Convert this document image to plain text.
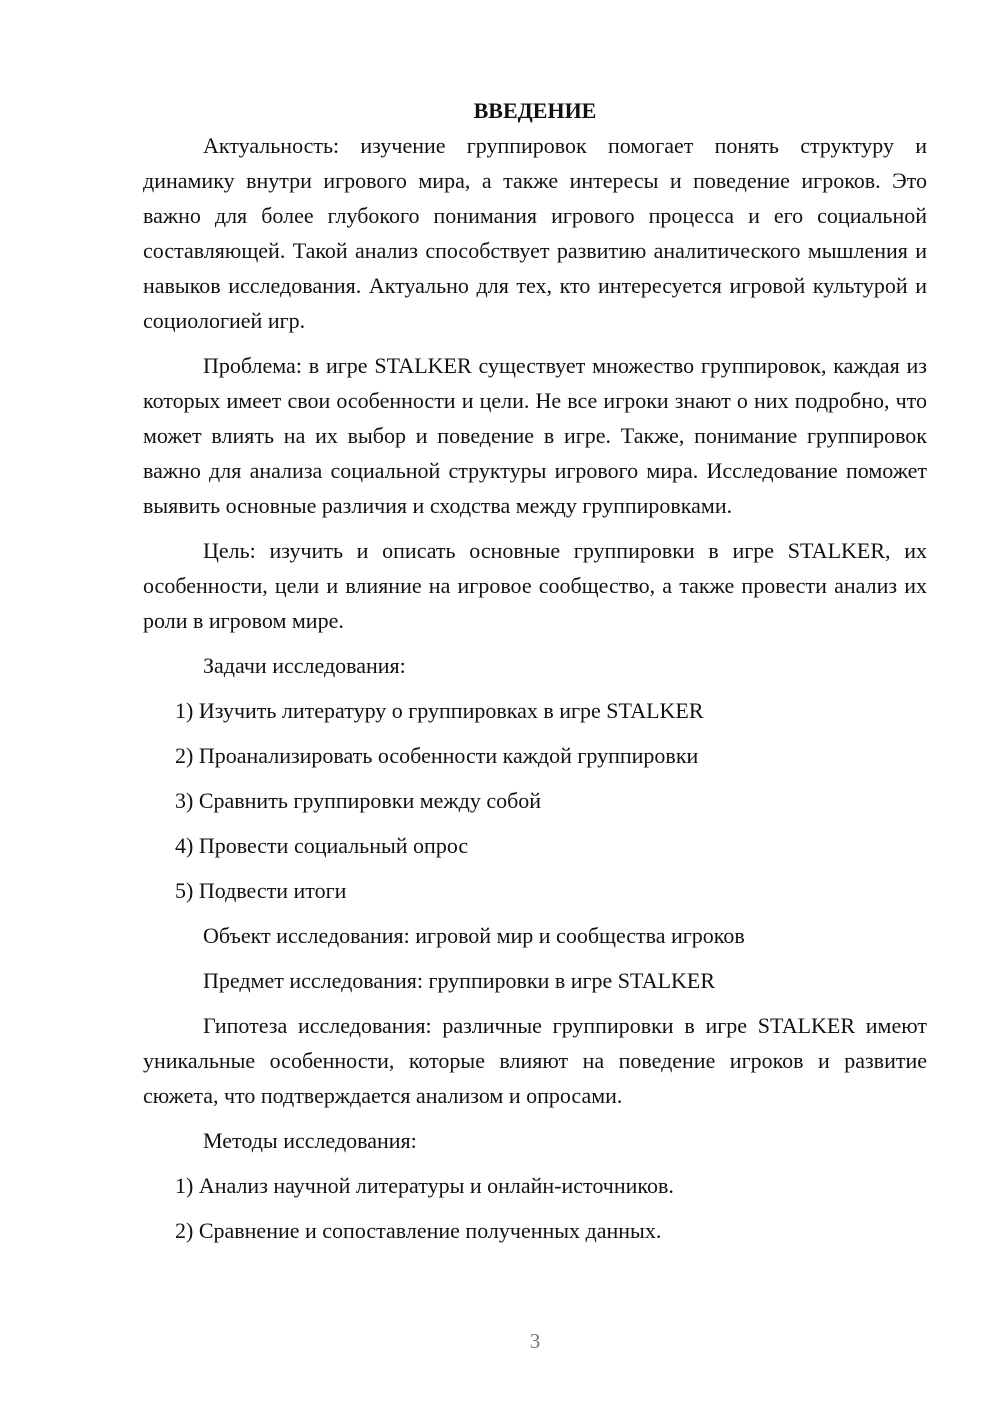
ВВЕДЕНИЕ

Актуальность: изучение группировок помогает понять структуру и динамику внутри игрового мира, а также интересы и поведение игроков. Это важно для более глубокого понимания игрового процесса и его социальной составляющей. Такой анализ способствует развитию аналитического мышления и навыков исследования. Актуально для тех, кто интересуется игровой культурой и социологией игр.

Проблема: в игре STALKER существует множество группировок, каждая из которых имеет свои особенности и цели. Не все игроки знают о них подробно, что может влиять на их выбор и поведение в игре. Также, понимание группировок важно для анализа социальной структуры игрового мира. Исследование поможет выявить основные различия и сходства между группировками.

Цель: изучить и описать основные группировки в игре STALKER, их особенности, цели и влияние на игровое сообщество, а также провести анализ их роли в игровом мире.

Задачи исследования:

1) Изучить литературу о группировках в игре STALKER

2) Проанализировать особенности каждой группировки

3) Сравнить группировки между собой

4) Провести социальный опрос

5) Подвести итоги

Объект исследования: игровой мир и сообщества игроков

Предмет исследования: группировки в игре STALKER

Гипотеза исследования: различные группировки в игре STALKER имеют уникальные особенности, которые влияют на поведение игроков и развитие сюжета, что подтверждается анализом и опросами.

Методы исследования:

1) Анализ научной литературы и онлайн-источников.

2) Сравнение и сопоставление полученных данных.

3
